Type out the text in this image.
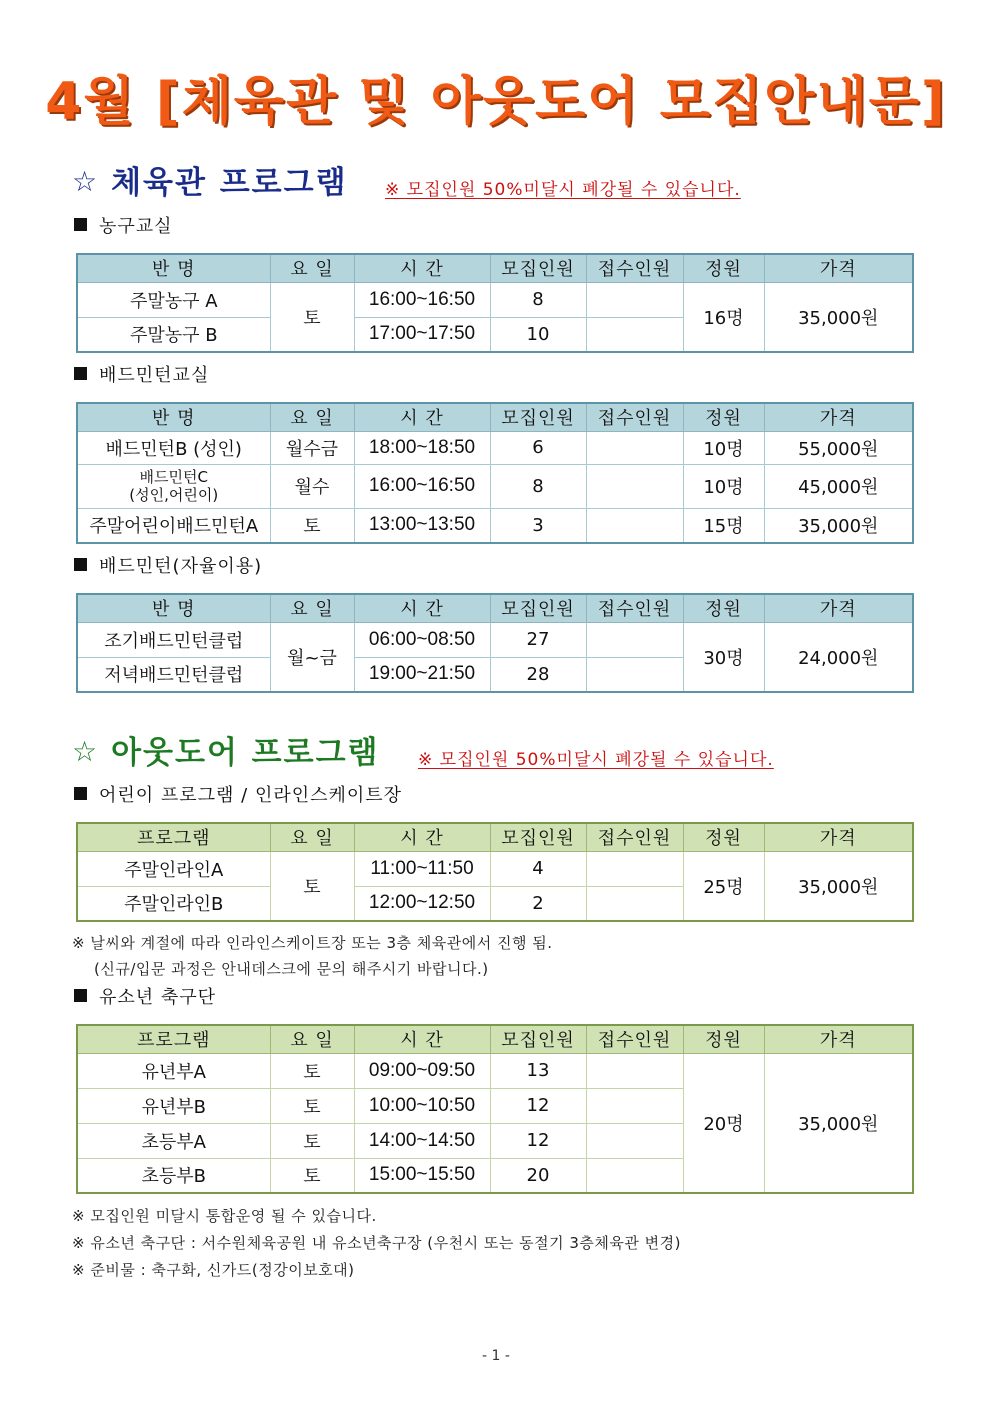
4월 [체육관 및 아웃도어 모집안내문]
☆ 체육관 프로그램 ※ 모집인원 50%미달시 폐강될 수 있습니다.
농구교실
반 명	요 일	시 간	모집인원	접수인원	정원	가격
주말농구 A	토	16:00~16:50	8		16명	35,000원
주말농구 B		17:00~17:50	10			
배드민턴교실
반 명	요 일	시 간	모집인원	접수인원	정원	가격
배드민턴B (성인)	월수금	18:00~18:50	6		10명	55,000원

배드민턴C
(성인,어린이)	월수	16:00~16:50	8		10명	45,000원
주말어린이배드민턴A	토	13:00~13:50	3		15명	35,000원
배드민턴(자율이용)
반 명	요 일	시 간	모집인원	접수인원	정원	가격
조기배드민턴클럽	월~금	06:00~08:50	27		30명	24,000원
저녁배드민턴클럽		19:00~21:50	28			
☆ 아웃도어 프로그램 ※ 모집인원 50%미달시 폐강될 수 있습니다.
어린이 프로그램 / 인라인스케이트장
프로그램	요 일	시 간	모집인원	접수인원	정원	가격
주말인라인A	토	11:00~11:50	4		25명	35,000원
주말인라인B		12:00~12:50	2			
※ 날씨와 계절에 따라 인라인스케이트장 또는 3층 체육관에서 진행 됨.
(신규/입문 과정은 안내데스크에 문의 해주시기 바랍니다.)
유소년 축구단
프로그램	요 일	시 간	모집인원	접수인원	정원	가격
유년부A	토	09:00~09:50	13		20명	35,000원
유년부B	토	10:00~10:50	12			
초등부A	토	14:00~14:50	12			
초등부B	토	15:00~15:50	20			
※ 모집인원 미달시 통합운영 될 수 있습니다.
※ 유소년 축구단 : 서수원체육공원 내 유소년축구장 (우천시 또는 동절기 3층체육관 변경)
※ 준비물 : 축구화, 신가드(정강이보호대)
- 1 -
